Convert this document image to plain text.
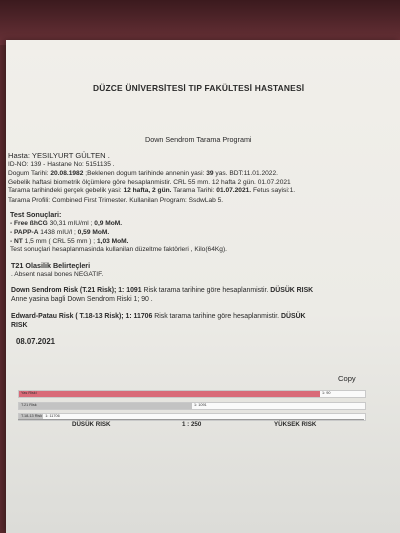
DÜZCE ÜNİVERSİTESİ TIP FAKÜLTESİ HASTANESİ
Down Sendrom Tarama Programi
Hasta: YESILYURT GÜLTEN .
ID-NO: 139 - Hastane No: 5151135 .
Dogum Tarihi: 20.08.1982 ;Beklenen dogum tarihinde annenin yasi: 39 yas. BDT:11.01.2022.
Gebelik haftasi biometrik ölçümlere göre hesaplanmistir. CRL 55 mm. 12 hafta 2 gün. 01.07.2021
Tarama tarihindeki gerçek gebelik yasi: 12 hafta, 2 gün. Tarama Tarihi: 01.07.2021. Fetus sayisi:1.
Tarama Profili: Combined First Trimester. Kullanilan Program: SsdwLab 5.
Test Sonuçlari:
- Free ßhCG 30,31 mIU/ml ; 0,9 MoM.
- PAPP-A 1438 mIU/l ; 0,59 MoM.
- NT 1,5 mm ( CRL 55 mm ) ; 1,03 MoM.
Test sonuçlari hesaplanmasinda kullanilan düzeltme faktörleri , Kilo(64Kg).
T21 Olasilik Belirteçleri
. Absent nasal bones NEGATIF.
Down Sendrom Risk (T.21 Risk); 1: 1091 Risk tarama tarihine göre hesaplanmistir. DÜSÜK RISK
Anne yasina bagli Down Sendrom Riski 1; 90 .
Edward-Patau Risk ( T.18-13 Risk); 1: 11706 Risk tarama tarihine göre hesaplanmistir. DÜSÜK
RISK
08.07.2021
Copy
Yas Riski	1: 90
T.21 Risk	1: 1091
T.18-13 Risk 1: 11706
DÜSÜK RISK	1 : 250	YÜKSEK RISK
